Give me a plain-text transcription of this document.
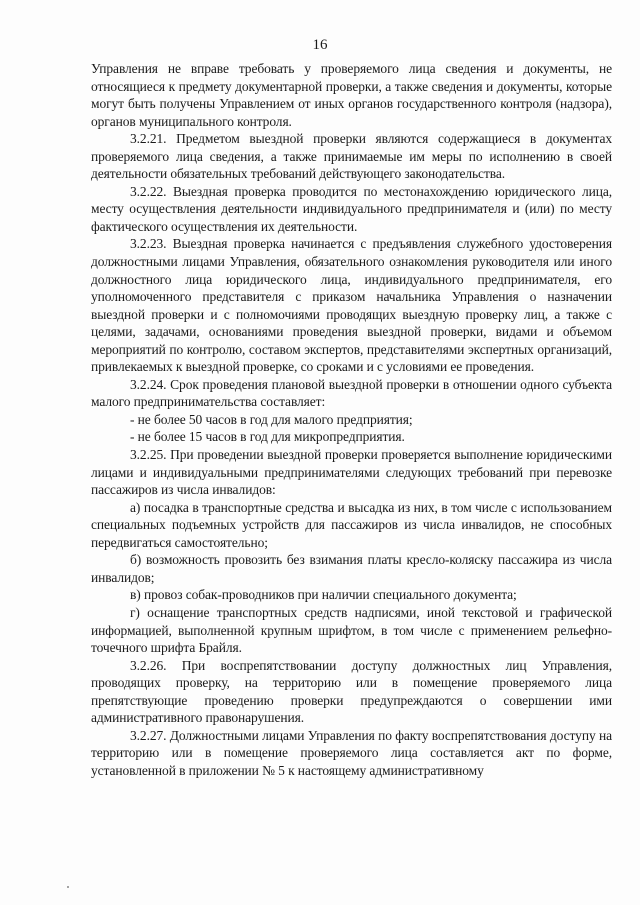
16

Управления не вправе требовать у проверяемого лица сведения и документы, не относящиеся к предмету документарной проверки, а также сведения и документы, которые могут быть получены Управлением от иных органов государственного контроля (надзора), органов муниципального контроля.

3.2.21. Предметом выездной проверки являются содержащиеся в документах проверяемого лица сведения, а также принимаемые им меры по исполнению в своей деятельности обязательных требований действующего законодательства.

3.2.22. Выездная проверка проводится по местонахождению юридического лица, месту осуществления деятельности индивидуального предпринимателя и (или) по месту фактического осуществления их деятельности.

3.2.23. Выездная проверка начинается с предъявления служебного удостоверения должностными лицами Управления, обязательного ознакомления руководителя или иного должностного лица юридического лица, индивидуального предпринимателя, его уполномоченного представителя с приказом начальника Управления о назначении выездной проверки и с полномочиями проводящих выездную проверку лиц, а также с целями, задачами, основаниями проведения выездной проверки, видами и объемом мероприятий по контролю, составом экспертов, представителями экспертных организаций, привлекаемых к выездной проверке, со сроками и с условиями ее проведения.

3.2.24. Срок проведения плановой выездной проверки в отношении одного субъекта малого предпринимательства составляет:

- не более 50 часов в год для малого предприятия;

- не более 15 часов в год для микропредприятия.

3.2.25. При проведении выездной проверки проверяется выполнение юридическими лицами и индивидуальными предпринимателями следующих требований при перевозке пассажиров из числа инвалидов:

а) посадка в транспортные средства и высадка из них, в том числе с использованием специальных подъемных устройств для пассажиров из числа инвалидов, не способных передвигаться самостоятельно;

б) возможность провозить без взимания платы кресло-коляску пассажира из числа инвалидов;

в) провоз собак-проводников при наличии специального документа;

г) оснащение транспортных средств надписями, иной текстовой и графической информацией, выполненной крупным шрифтом, в том числе с применением рельефно-точечного шрифта Брайля.

3.2.26. При воспрепятствовании доступу должностных лиц Управления, проводящих проверку, на территорию или в помещение проверяемого лица препятствующие проведению проверки предупреждаются о совершении ими административного правонарушения.

3.2.27. Должностными лицами Управления по факту воспрепятствования доступу на территорию или в помещение проверяемого лица составляется акт по форме, установленной в приложении № 5 к настоящему административному
